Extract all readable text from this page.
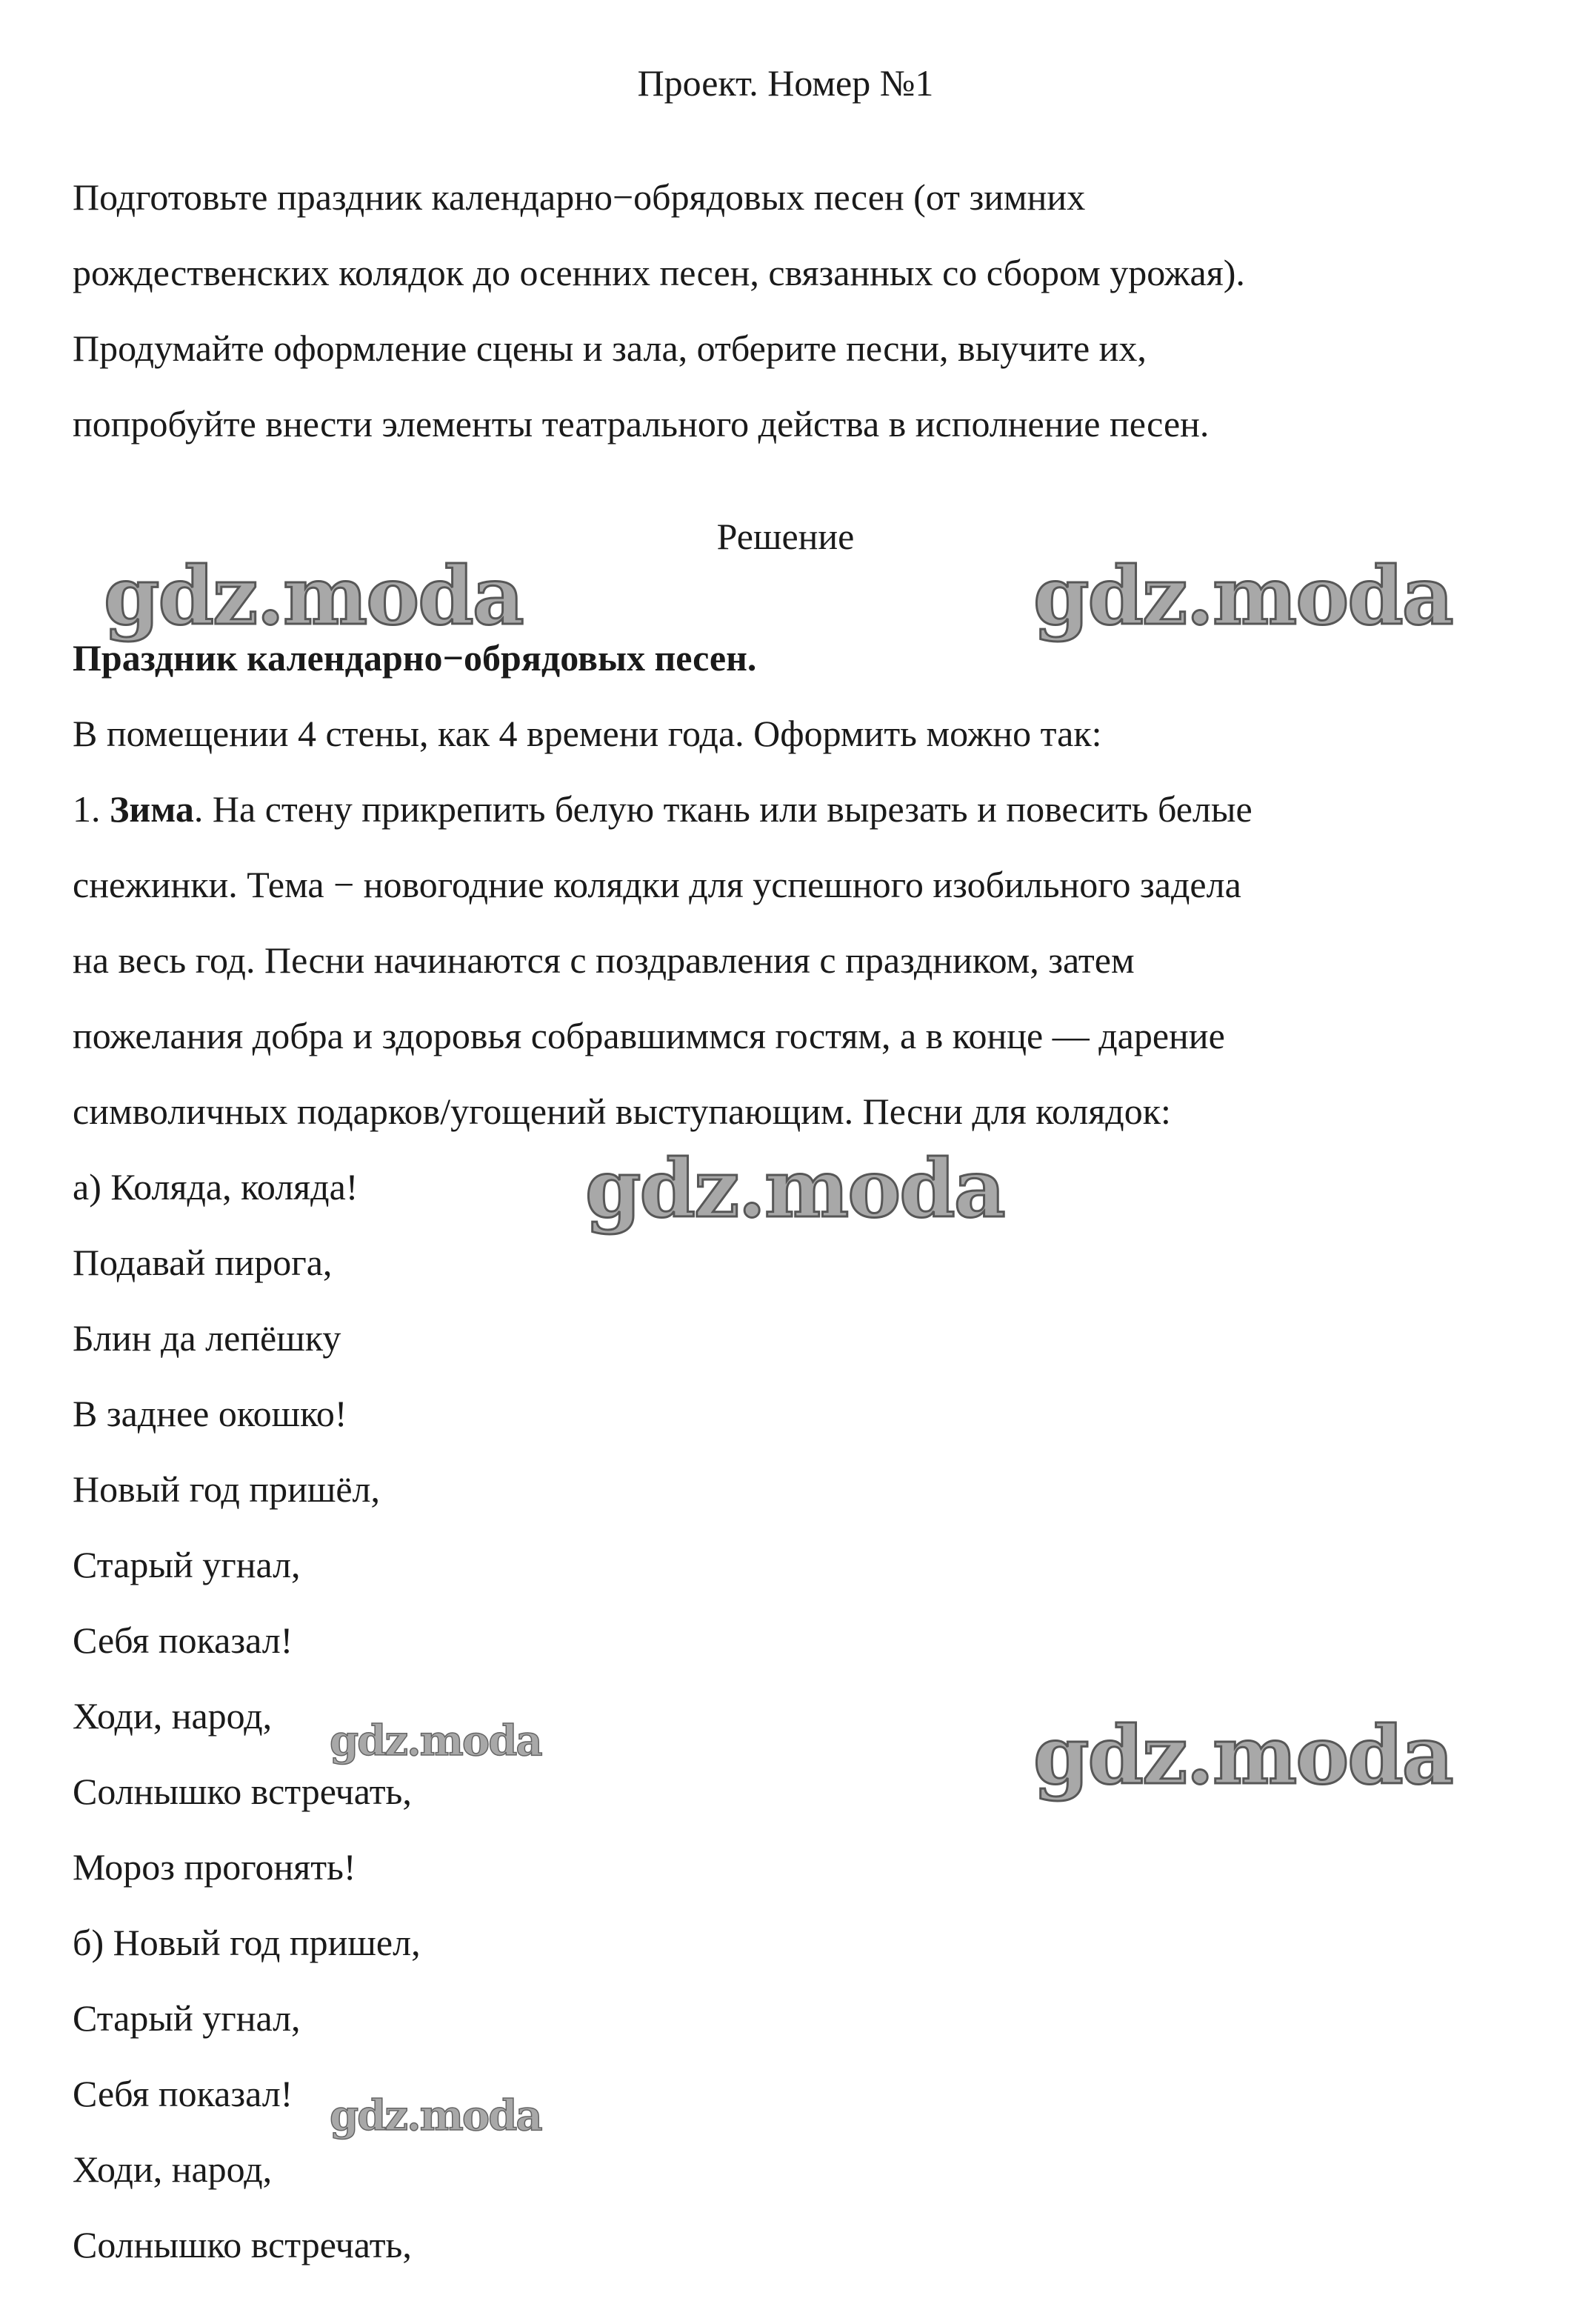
Проект. Номер №1
Подготовьте праздник календарно−обрядовых песен (от зимних
рождественских колядок до осенних песен, связанных со сбором урожая).
Продумайте оформление сцены и зала, отберите песни, выучите их,
попробуйте внести элементы театрального действа в исполнение песен.
Решение
Праздник календарно−обрядовых песен.
В помещении 4 стены, как 4 времени года. Оформить можно так:
1. Зима. На стену прикрепить белую ткань или вырезать и повесить белые
снежинки. Тема − новогодние колядки для успешного изобильного задела
на весь год. Песни начинаются с поздравления с праздником, затем
пожелания добра и здоровья собравшиммся гостям, а в конце — дарение
символичных подарков/угощений выступающим. Песни для колядок:
а) Коляда, коляда!
Подавай пирога,
Блин да лепёшку
В заднее окошко!
Новый год пришёл,
Старый угнал,
Себя показал!
Ходи, народ,
Солнышко встречать,
Мороз прогонять!
б) Новый год пришел,
Старый угнал,
Себя показал!
Ходи, народ,
Солнышко встречать,
gdz.moda	gdz.moda
gdz.moda
gdz.moda
gdz.moda
gdz.moda
